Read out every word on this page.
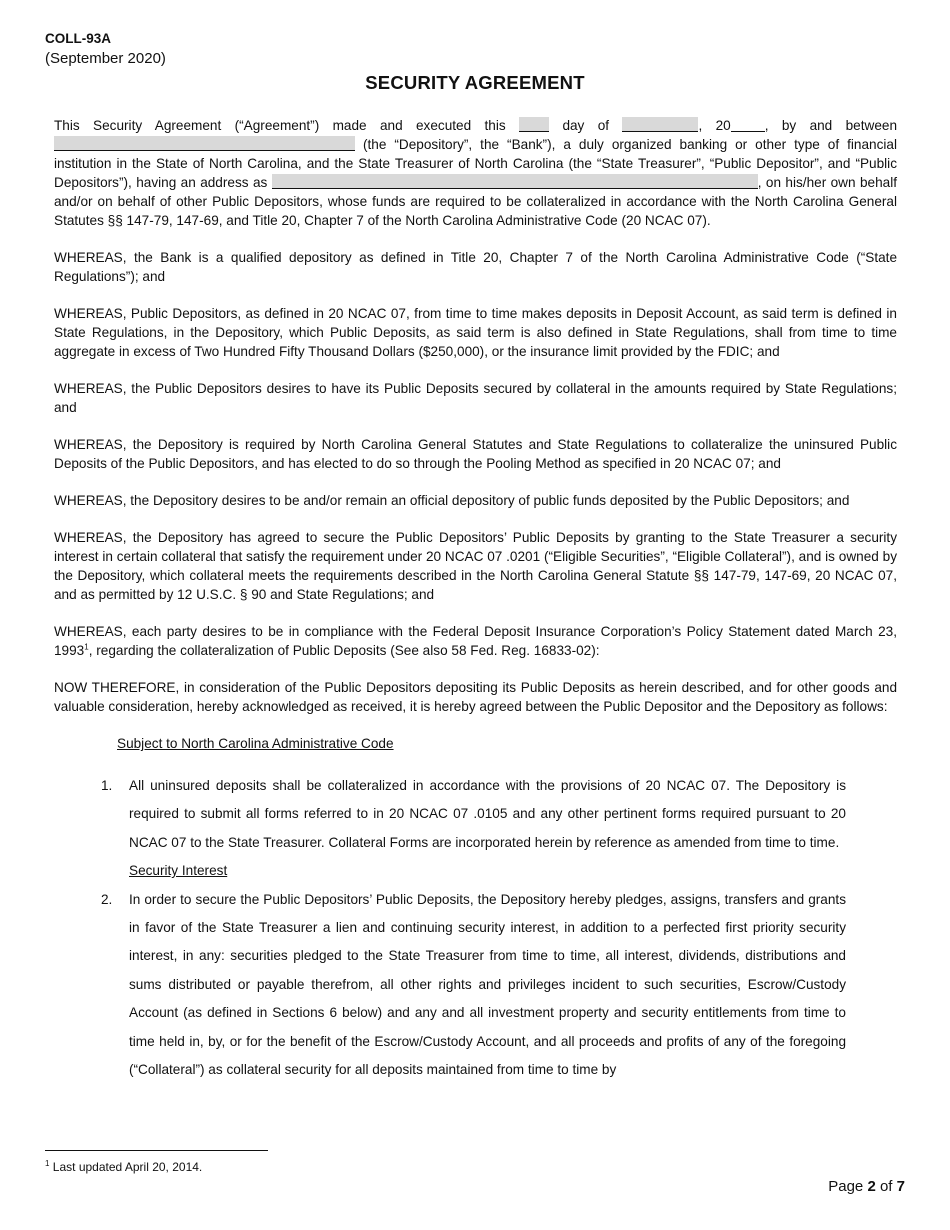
COLL-93A
(September 2020)
SECURITY AGREEMENT

This Security Agreement (“Agreement”) made and executed this	day of	, 20	, by and between  (the “Depository”, the “Bank”), a duly organized banking or other type of financial institution in the State of North Carolina, and the State Treasurer of North Carolina (the “State Treasurer”, “Public Depositor”, and “Public Depositors”), having an address as	, on his/her own behalf and/or on behalf of other Public Depositors, whose funds are required to be collateralized in accordance with the North Carolina General Statutes §§ 147-79, 147-69, and Title 20, Chapter 7 of the North Carolina Administrative Code (20 NCAC 07).

WHEREAS, the Bank is a qualified depository as defined in Title 20, Chapter 7 of the North Carolina Administrative Code (“State Regulations”); and

WHEREAS, Public Depositors, as defined in 20 NCAC 07, from time to time makes deposits in Deposit Account, as said term is defined in State Regulations, in the Depository, which Public Deposits, as said term is also defined in State Regulations, shall from time to time aggregate in excess of Two Hundred Fifty Thousand Dollars ($250,000), or the insurance limit provided by the FDIC; and

WHEREAS, the Public Depositors desires to have its Public Deposits secured by collateral in the amounts required by State Regulations; and

WHEREAS, the Depository is required by North Carolina General Statutes and State Regulations to collateralize the uninsured Public Deposits of the Public Depositors, and has elected to do so through the Pooling Method as specified in 20 NCAC 07; and

WHEREAS, the Depository desires to be and/or remain an official depository of public funds deposited by the Public Depositors; and

WHEREAS, the Depository has agreed to secure the Public Depositors’ Public Deposits by granting to the State Treasurer a security interest in certain collateral that satisfy the requirement under 20 NCAC 07 .0201 (“Eligible Securities”, “Eligible Collateral”), and is owned by the Depository, which collateral meets the requirements described in the North Carolina General Statute §§ 147-79, 147-69, 20 NCAC 07, and as permitted by 12 U.S.C. § 90 and State Regulations; and

WHEREAS, each party desires to be in compliance with the Federal Deposit Insurance Corporation’s Policy Statement dated March 23, 1993$^1$, regarding the collateralization of Public Deposits (See also 58 Fed. Reg. 16833-02):

NOW THEREFORE, in consideration of the Public Depositors depositing its Public Deposits as herein described, and for other goods and valuable consideration, hereby acknowledged as received, it is hereby agreed between the Public Depositor and the Depository as follows:

Subject to North Carolina Administrative Code
1. All uninsured deposits shall be collateralized in accordance with the provisions of 20 NCAC 07. The Depository is required to submit all forms referred to in 20 NCAC 07 .0105 and any other pertinent forms required pursuant to 20 NCAC 07 to the State Treasurer. Collateral Forms are incorporated herein by reference as amended from time to time.
Security Interest
2. In order to secure the Public Depositors’ Public Deposits, the Depository hereby pledges, assigns, transfers and grants in favor of the State Treasurer a lien and continuing security interest, in addition to a perfected first priority security interest, in any: securities pledged to the State Treasurer from time to time, all interest, dividends, distributions and sums distributed or payable therefrom, all other rights and privileges incident to such securities, Escrow/Custody Account (as defined in Sections 6 below) and any and all investment property and security entitlements from time to time held in, by, or for the benefit of the Escrow/Custody Account, and all proceeds and profits of any of the foregoing (“Collateral”) as collateral security for all deposits maintained from time to time by
$^1$ Last updated April 20, 2014.
Page 2 of 7
